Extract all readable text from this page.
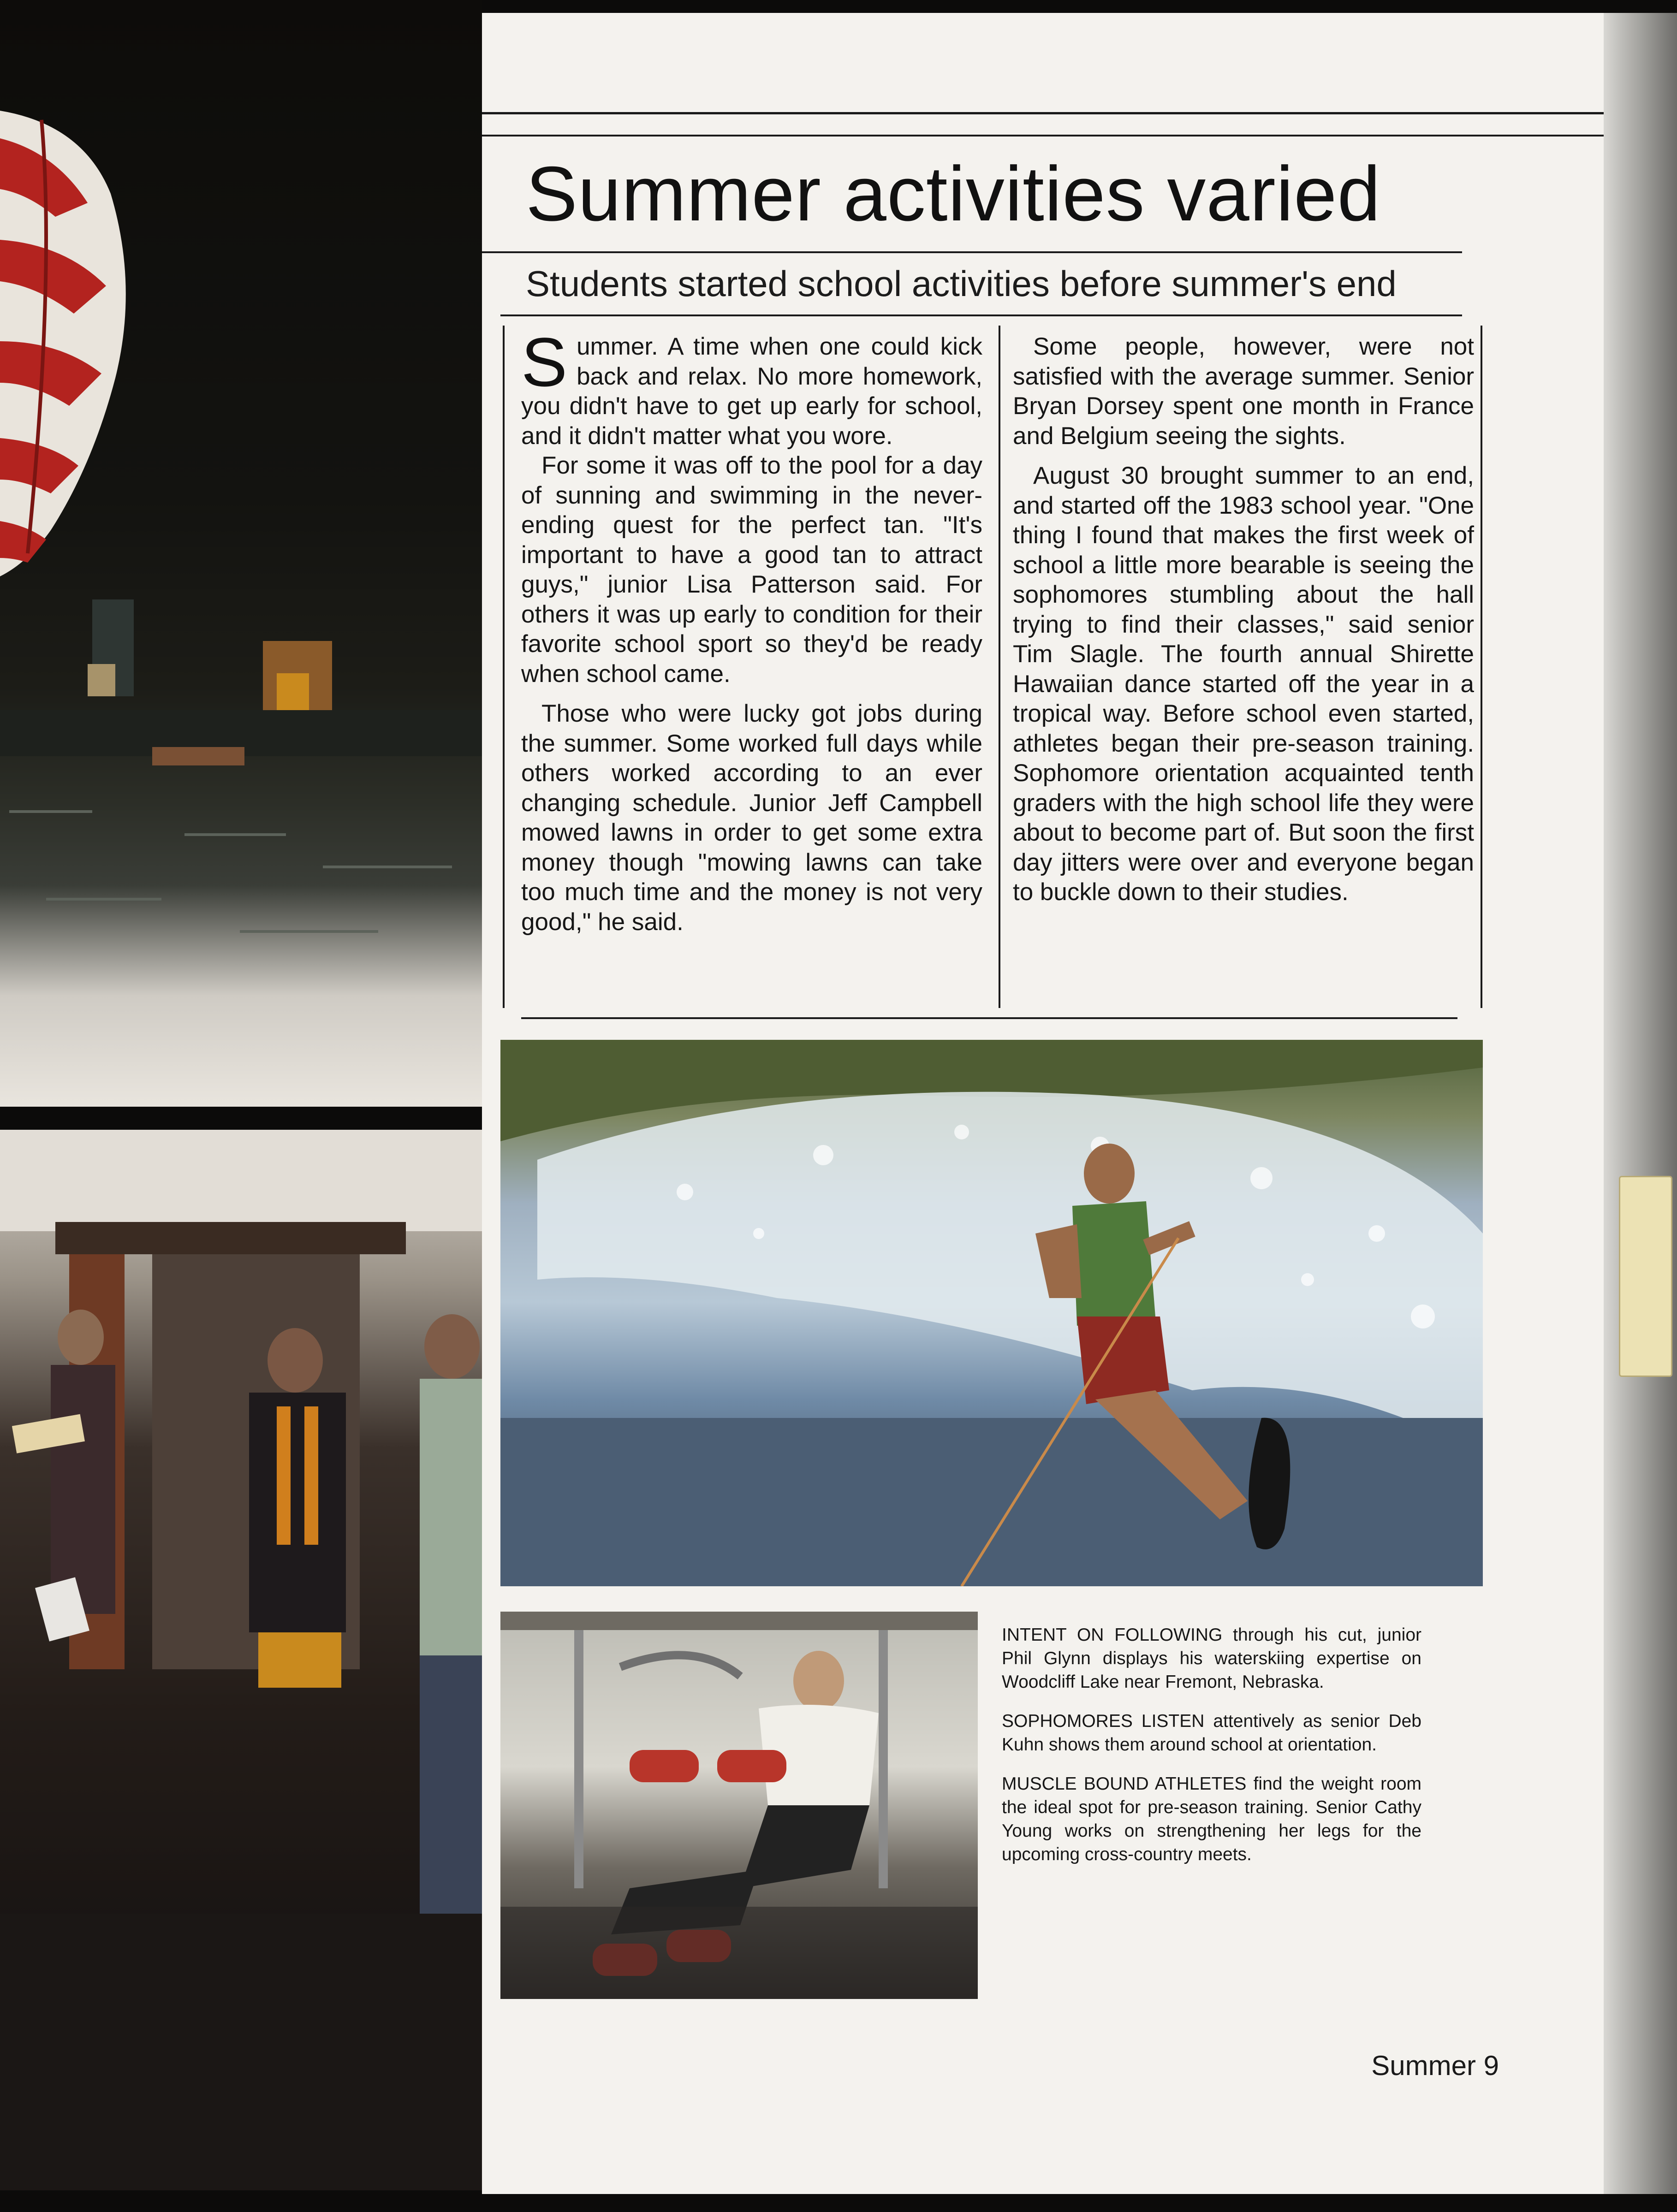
Summer activities varied
Students started school activities before summer's end

Summer. A time when one could kick back and relax. No more homework, you didn't have to get up early for school, and it didn't matter what you wore.

For some it was off to the pool for a day of sunning and swimming in the never-ending quest for the perfect tan. "It's important to have a good tan to attract guys," junior Lisa Patterson said. For others it was up early to condition for their favorite school sport so they'd be ready when school came.

Those who were lucky got jobs during the summer. Some worked full days while others worked according to an ever changing schedule. Junior Jeff Campbell mowed lawns in order to get some extra money though "mowing lawns can take too much time and the money is not very good," he said.

Some people, however, were not satisfied with the average summer. Senior Bryan Dorsey spent one month in France and Belgium seeing the sights.

August 30 brought summer to an end, and started off the 1983 school year. "One thing I found that makes the first week of school a little more bearable is seeing the sophomores stumbling about the hall trying to find their classes," said senior Tim Slagle. The fourth annual Shirette Hawaiian dance started off the year in a tropical way. Before school even started, athletes began their pre-season training. Sophomore orientation acquainted tenth graders with the high school life they were about to become part of. But soon the first day jitters were over and everyone began to buckle down to their studies.

INTENT ON FOLLOWING through his cut, junior Phil Glynn displays his waterskiing expertise on Woodcliff Lake near Fremont, Nebraska.

SOPHOMORES LISTEN attentively as senior Deb Kuhn shows them around school at orientation.

MUSCLE BOUND ATHLETES find the weight room the ideal spot for pre-season training. Senior Cathy Young works on strengthening her legs for the upcoming cross-country meets.

Summer 9
